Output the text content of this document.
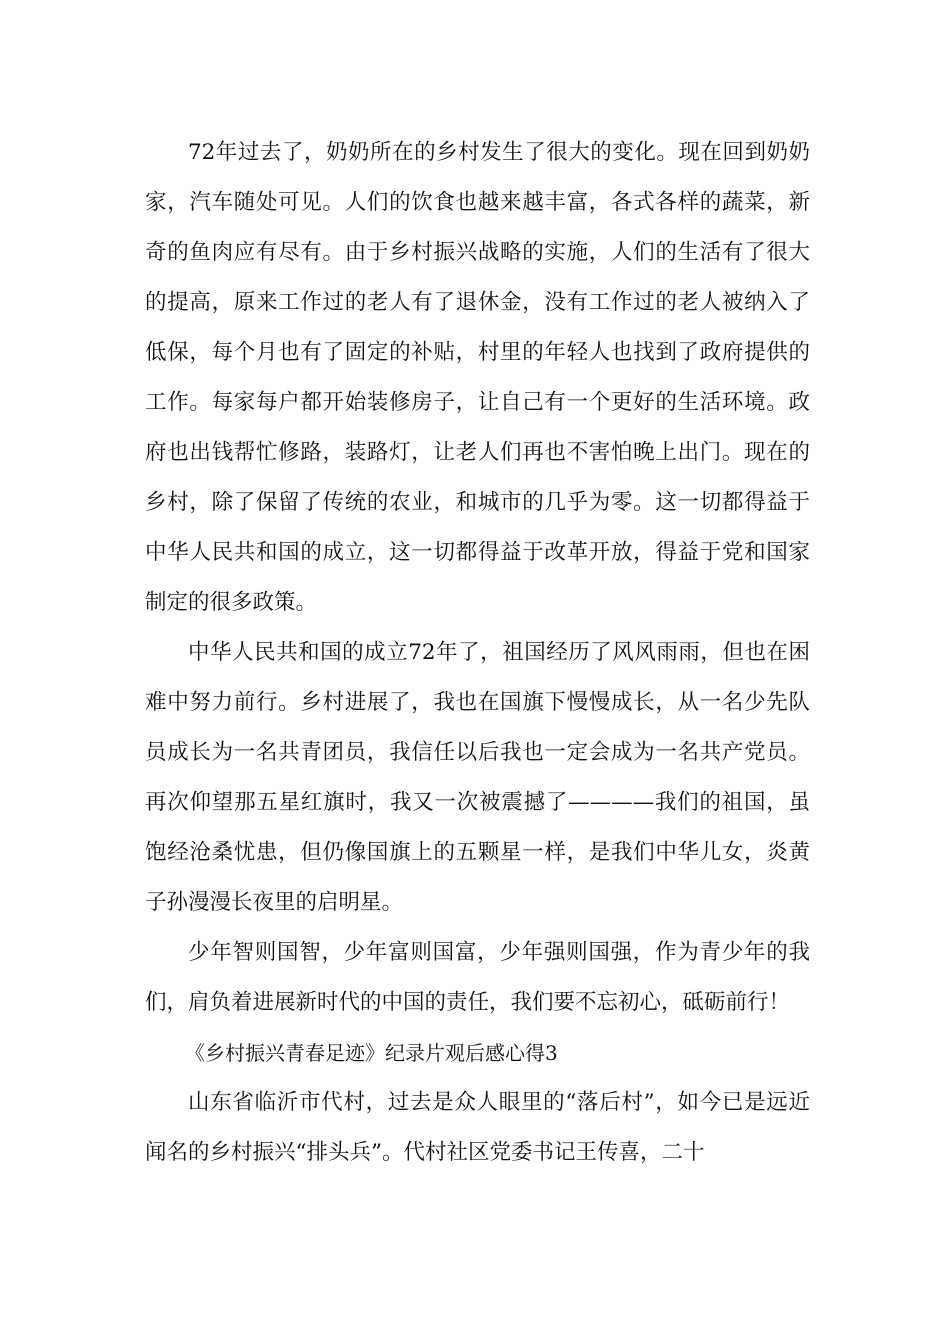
72年过去了，奶奶所在的乡村发生了很大的变化。现在回到奶奶家，汽车随处可见。人们的饮食也越来越丰富，各式各样的蔬菜，新奇的鱼肉应有尽有。由于乡村振兴战略的实施，人们的生活有了很大的提高，原来工作过的老人有了退休金，没有工作过的老人被纳入了低保，每个月也有了固定的补贴，村里的年轻人也找到了政府提供的工作。每家每户都开始装修房子，让自己有一个更好的生活环境。政府也出钱帮忙修路，装路灯，让老人们再也不害怕晚上出门。现在的乡村，除了保留了传统的农业，和城市的几乎为零。这一切都得益于中华人民共和国的成立，这一切都得益于改革开放，得益于党和国家制定的很多政策。

中华人民共和国的成立72年了，祖国经历了风风雨雨，但也在困难中努力前行。乡村进展了，我也在国旗下慢慢成长，从一名少先队员成长为一名共青团员，我信任以后我也一定会成为一名共产党员。再次仰望那五星红旗时，我又一次被震撼了————我们的祖国，虽饱经沧桑忧患，但仍像国旗上的五颗星一样，是我们中华儿女，炎黄子孙漫漫长夜里的启明星。

少年智则国智，少年富则国富，少年强则国强，作为青少年的我们，肩负着进展新时代的中国的责任，我们要不忘初心，砥砺前行！

《乡村振兴青春足迹》纪录片观后感心得3

山东省临沂市代村，过去是众人眼里的“落后村”，如今已是远近闻名的乡村振兴“排头兵”。代村社区党委书记王传喜，二十
